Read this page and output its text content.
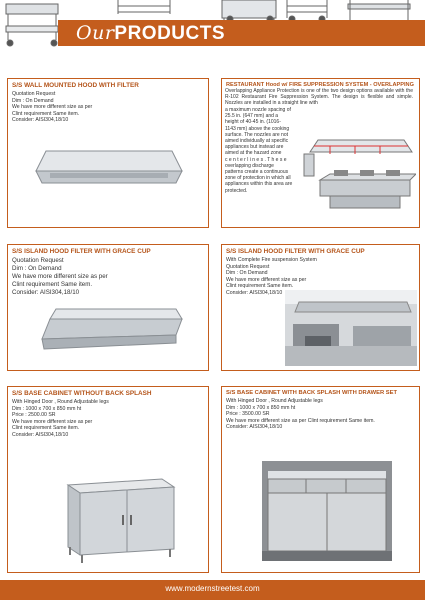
OurPRODUCTS
S/S WALL MOUNTED HOOD WITH FILTER
Quotation Request
Dim : On Demand
We have more different size as per
Clint requirement Same item.
Consider: AISI304,18/10
RESTAURANT Hood w/ FIRE SUPPRESSION SYSTEM - OVERLAPPING
Overlapping Appliance Protection is one of the two design options available with the R-102 Restaurant Fire Suppression System. The design is flexible and simple. Nozzles are installed in a straight line with
a maximum nozzle spacing of
25.5 in. (647 mm) and a
height of 40-45 in. (1016-
1143 mm) above the cooking
surface. The nozzles are not
aimed individually at specific
appliances but instead are
aimed at the hazard zone
c e n t e r l i n e s . T h e s e
overlapping discharge
patterns create a continuous
zone of protection in which all
appliances within this area are
protected.
S/S ISLAND HOOD FILTER WITH GRACE CUP
Quotation Request
Dim : On Demand
We have more different size as per
Clint requirement Same item.
Consider: AISI304,18/10
S/S ISLAND HOOD FILTER WITH GRACE CUP
With Complete Fire suspension System
Quotation Request
Dim : On Demand
We have more different size as per
Clint requirement Same item.
Consider: AISI304,18/10
S/S BASE CABINET WITHOUT BACK SPLASH
With Hinged Door , Round Adjustable legs
Dim : 1000 x 700 x 850 mm ht
Price : 2500.00 SR
We have more different size as per
Clint requirement Same item.
Consider: AISI304,18/10
S/S BASE CABINET WITH BACK SPLASH WITH DRAWER SET
With Hinged Door , Round Adjustable legs
Dim : 1000 x 700 x 850 mm ht
Price : 3500.00 SR
We have more different size as per Clint requirement Same item.
Consider: AISI304,18/10
www.modernstreetest.com
